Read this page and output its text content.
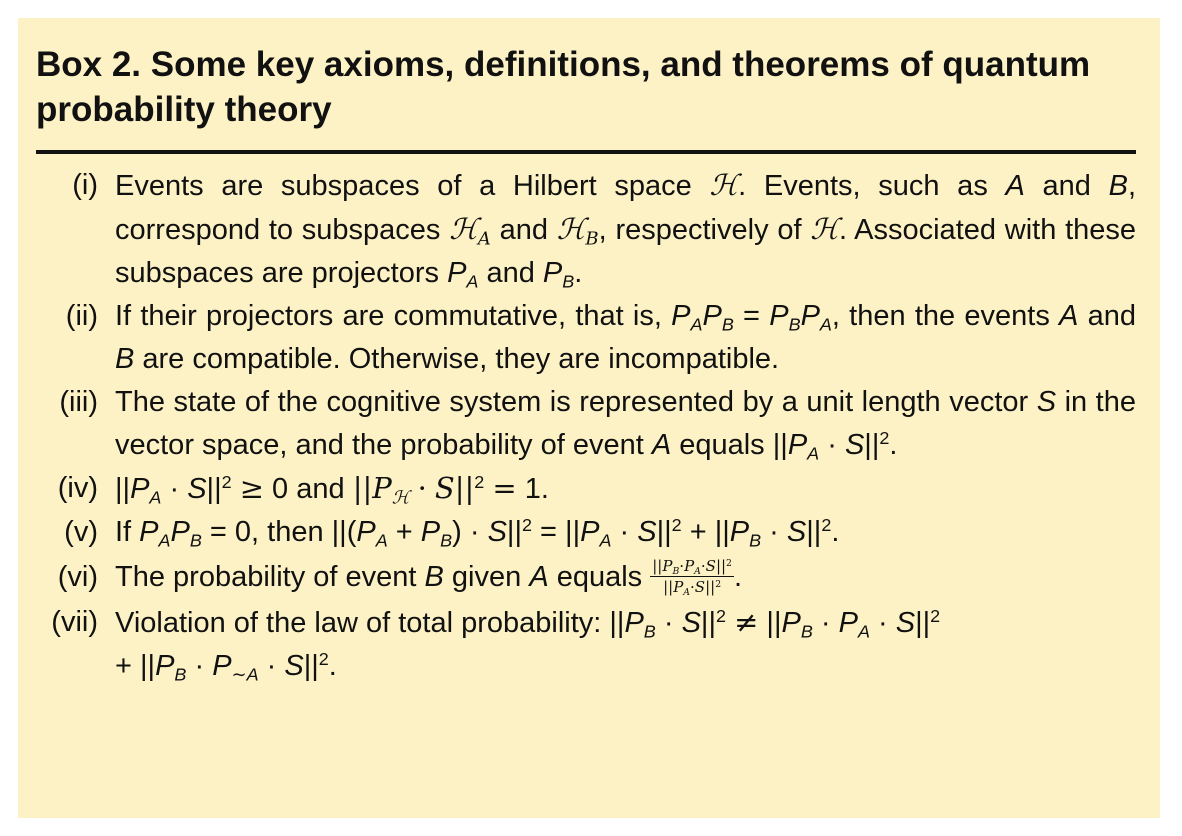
Box 2. Some key axioms, definitions, and theorems of quantum probability theory
(i) Events are subspaces of a Hilbert space ℋ. Events, such as A and B, correspond to subspaces ℋ$_A$ and ℋ$_B$, respectively of ℋ. Associated with these subspaces are projectors $P_A$ and $P_B$.
(ii) If their projectors are commutative, that is, $P_AP_B = P_BP_A$, then the events A and B are compatible. Otherwise, they are incompatible.
(iii) The state of the cognitive system is represented by a unit length vector S in the vector space, and the probability of event A equals $||P_A \cdot S||^2$.
(iv) $||P_A \cdot S||^2 \ge 0$ and $||P_ℋ \cdot S||^2 = 1$.
(v) If $P_AP_B = 0$, then $||(P_A + P_B) \cdot S||^2 = ||P_A \cdot S||^2 + ||P_B \cdot S||^2$.
(vi) The probability of event B given A equals $\frac{||P_B\cdot P_A\cdot S||^2}{||P_A\cdot S||^2}$ .
(vii) Violation of the law of total probability: $||P_B \cdot S||^2 \ne ||P_B \cdot P_A \cdot S||^2$
+ $||P_B \cdot P_{\sim A} \cdot S||^2$.
